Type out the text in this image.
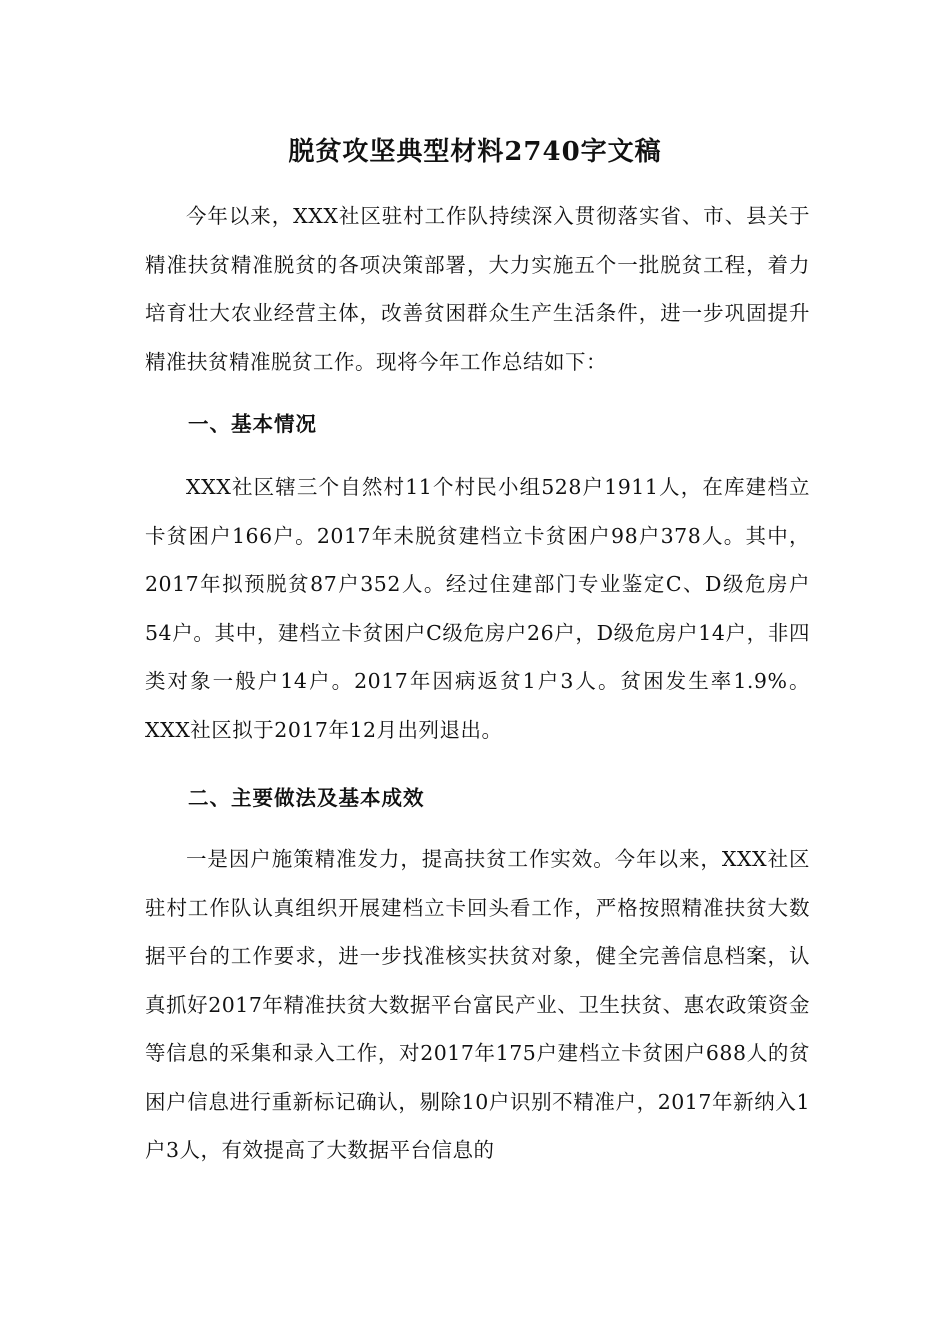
脱贫攻坚典型材料2740字文稿

今年以来，XXX社区驻村工作队持续深入贯彻落实省、市、县关于精准扶贫精准脱贫的各项决策部署，大力实施五个一批脱贫工程，着力培育壮大农业经营主体，改善贫困群众生产生活条件，进一步巩固提升精准扶贫精准脱贫工作。现将今年工作总结如下：

一、基本情况

XXX社区辖三个自然村11个村民小组528户1911人，在库建档立卡贫困户166户。2017年未脱贫建档立卡贫困户98户378人。其中，2017年拟预脱贫87户352人。经过住建部门专业鉴定C、D级危房户54户。其中，建档立卡贫困户C级危房户26户，D级危房户14户，非四类对象一般户14户。2017年因病返贫1户3人。贫困发生率1.9%。XXX社区拟于2017年12月出列退出。

二、主要做法及基本成效

一是因户施策精准发力，提高扶贫工作实效。今年以来，XXX社区驻村工作队认真组织开展建档立卡回头看工作，严格按照精准扶贫大数据平台的工作要求，进一步找准核实扶贫对象，健全完善信息档案，认真抓好2017年精准扶贫大数据平台富民产业、卫生扶贫、惠农政策资金等信息的采集和录入工作，对2017年175户建档立卡贫困户688人的贫困户信息进行重新标记确认，剔除10户识别不精准户，2017年新纳入1户3人，有效提高了大数据平台信息的
